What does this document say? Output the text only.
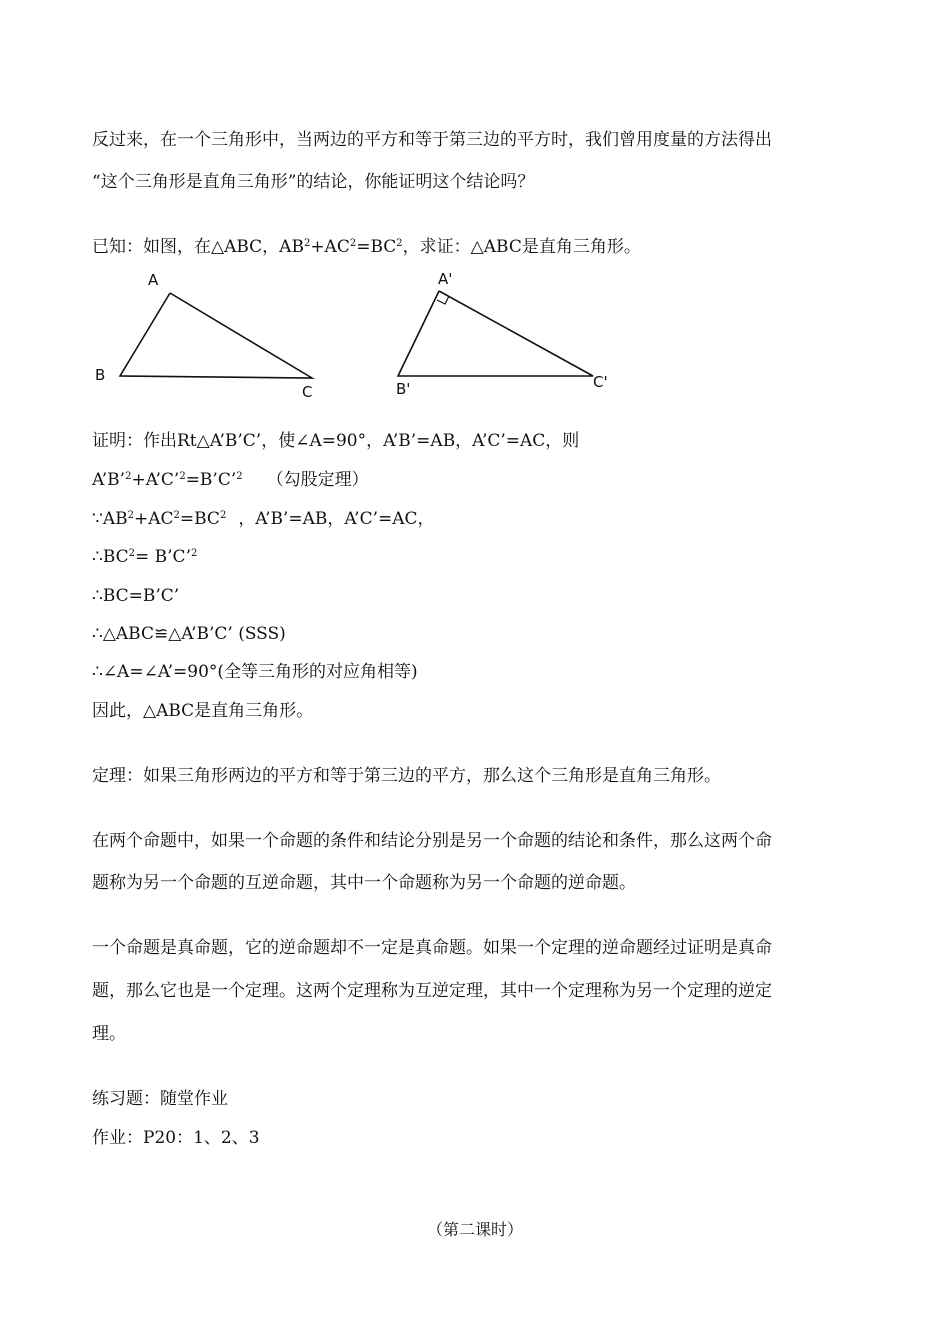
反过来，在一个三角形中，当两边的平方和等于第三边的平方时，我们曾用度量的方法得出
“这个三角形是直角三角形”的结论，你能证明这个结论吗？
已知：如图，在△ABC，$AB^2+AC^2=BC^2$，求证：△ABC是直角三角形。
A
B
C
A'
B'	C'
证明：作出Rt△A’B’C’，使∠A=90°，A’B’=AB，A’C’=AC，则
A’B’$^2$+A’C’$^2$=B’C’$^2$ （勾股定理）
$\because AB^2+AC^2=BC^2$ ，A’B’=AB，A’C’=AC，
$\therefore BC^2=$ B’C’$^2$
∴BC=B’C’
∴△ABC≌△A’B’C’ (SSS)
∴∠A=∠A’=90°(全等三角形的对应角相等)
因此，△ABC是直角三角形。
定理：如果三角形两边的平方和等于第三边的平方，那么这个三角形是直角三角形。
在两个命题中，如果一个命题的条件和结论分别是另一个命题的结论和条件，那么这两个命
题称为另一个命题的互逆命题，其中一个命题称为另一个命题的逆命题。
一个命题是真命题，它的逆命题却不一定是真命题。如果一个定理的逆命题经过证明是真命
题，那么它也是一个定理。这两个定理称为互逆定理，其中一个定理称为另一个定理的逆定
理。
练习题：随堂作业
作业：P20：1、2、3
（第二课时）
